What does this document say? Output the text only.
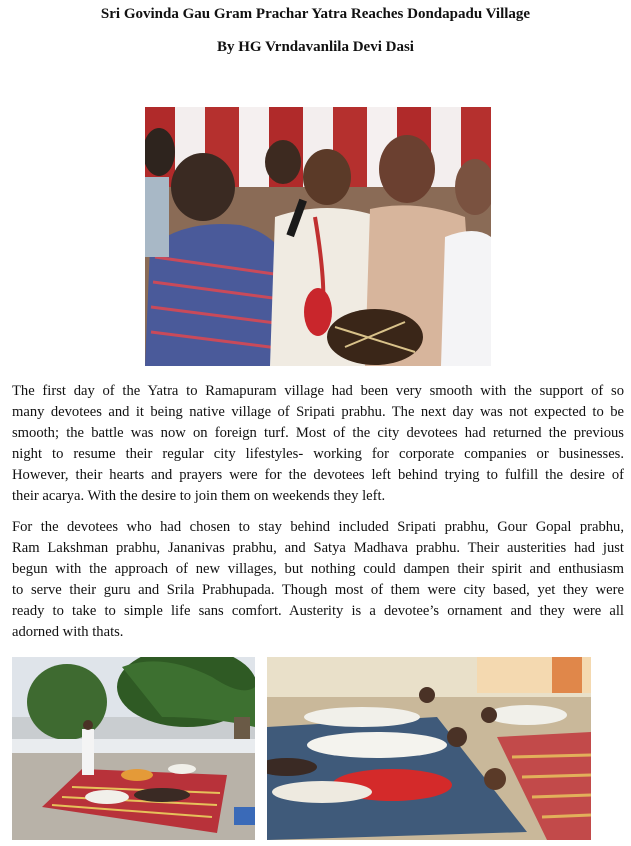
Sri Govinda Gau Gram Prachar Yatra Reaches Dondapadu Village
By HG Vrndavanlila Devi Dasi
The first day of the Yatra to Ramapuram village had been very smooth with the support of so
many devotees and it being native village of Sripati prabhu. The next day was not expected to be
smooth; the battle was now on foreign turf. Most of the city devotees had returned the previous
night to resume their regular city lifestyles- working for corporate companies or businesses.
However, their hearts and prayers were for the devotees left behind trying to fulfill the desire of
their acarya. With the desire to join them on weekends they left.
For the devotees who had chosen to stay behind included Sripati prabhu, Gour Gopal prabhu,
Ram Lakshman prabhu, Jananivas prabhu, and Satya Madhava prabhu. Their austerities had just
begun with the approach of new villages, but nothing could dampen their spirit and enthusiasm
to serve their guru and Srila Prabhupada. Though most of them were city based, yet they were
ready to take to simple life sans comfort. Austerity is a devotee’s ornament and they were all
adorned with thats.
